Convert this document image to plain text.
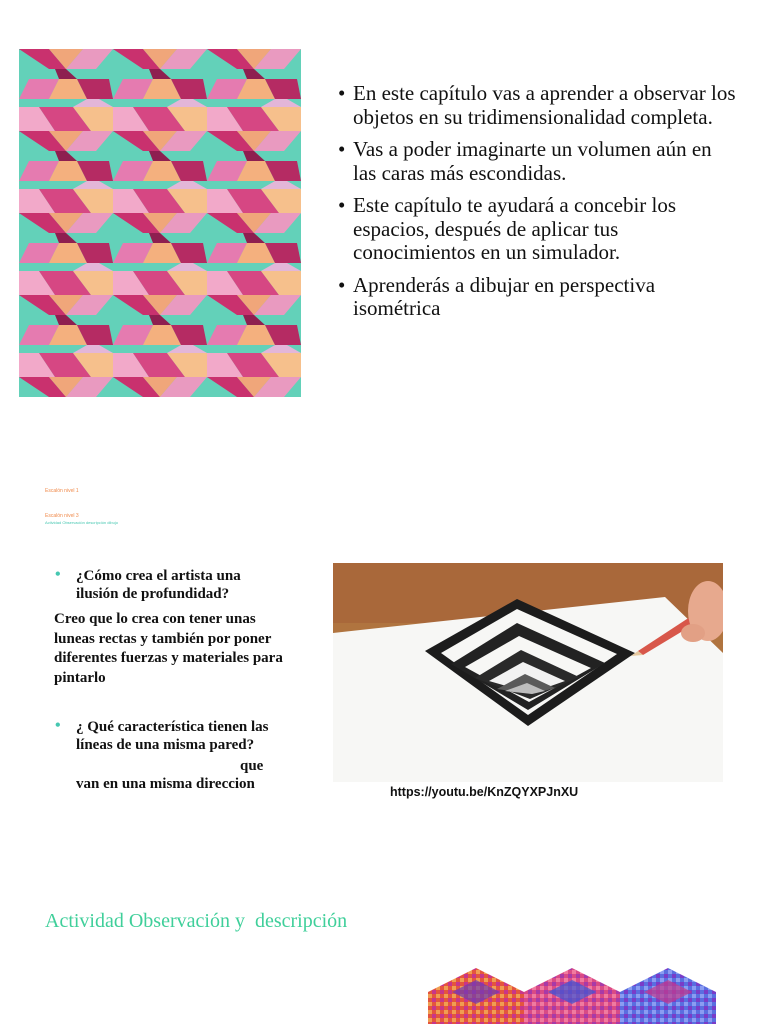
• En este capítulo vas a aprender a observar los objetos en su tridimensionalidad completa.
• Vas a poder imaginarte un volumen aún en las caras más escondidas.
• Este capítulo te ayudará a concebir los espacios, después de aplicar tus conocimientos en un simulador.
• Aprenderás a dibujar en perspectiva isométrica
Escalón nivel 1
Escalón nivel 3
Actividad Observación descripción dibujo
• ¿Cómo crea el artista una ilusión de profundidad?
Creo que lo crea con tener unas luneas rectas y también por poner diferentes fuerzas y materiales para pintarlo
• ¿ Qué característica tienen las líneas de una misma pared?
que
van en una misma direccion	https://youtu.be/KnZQYXPJnXU
Actividad Observación y  descripción
